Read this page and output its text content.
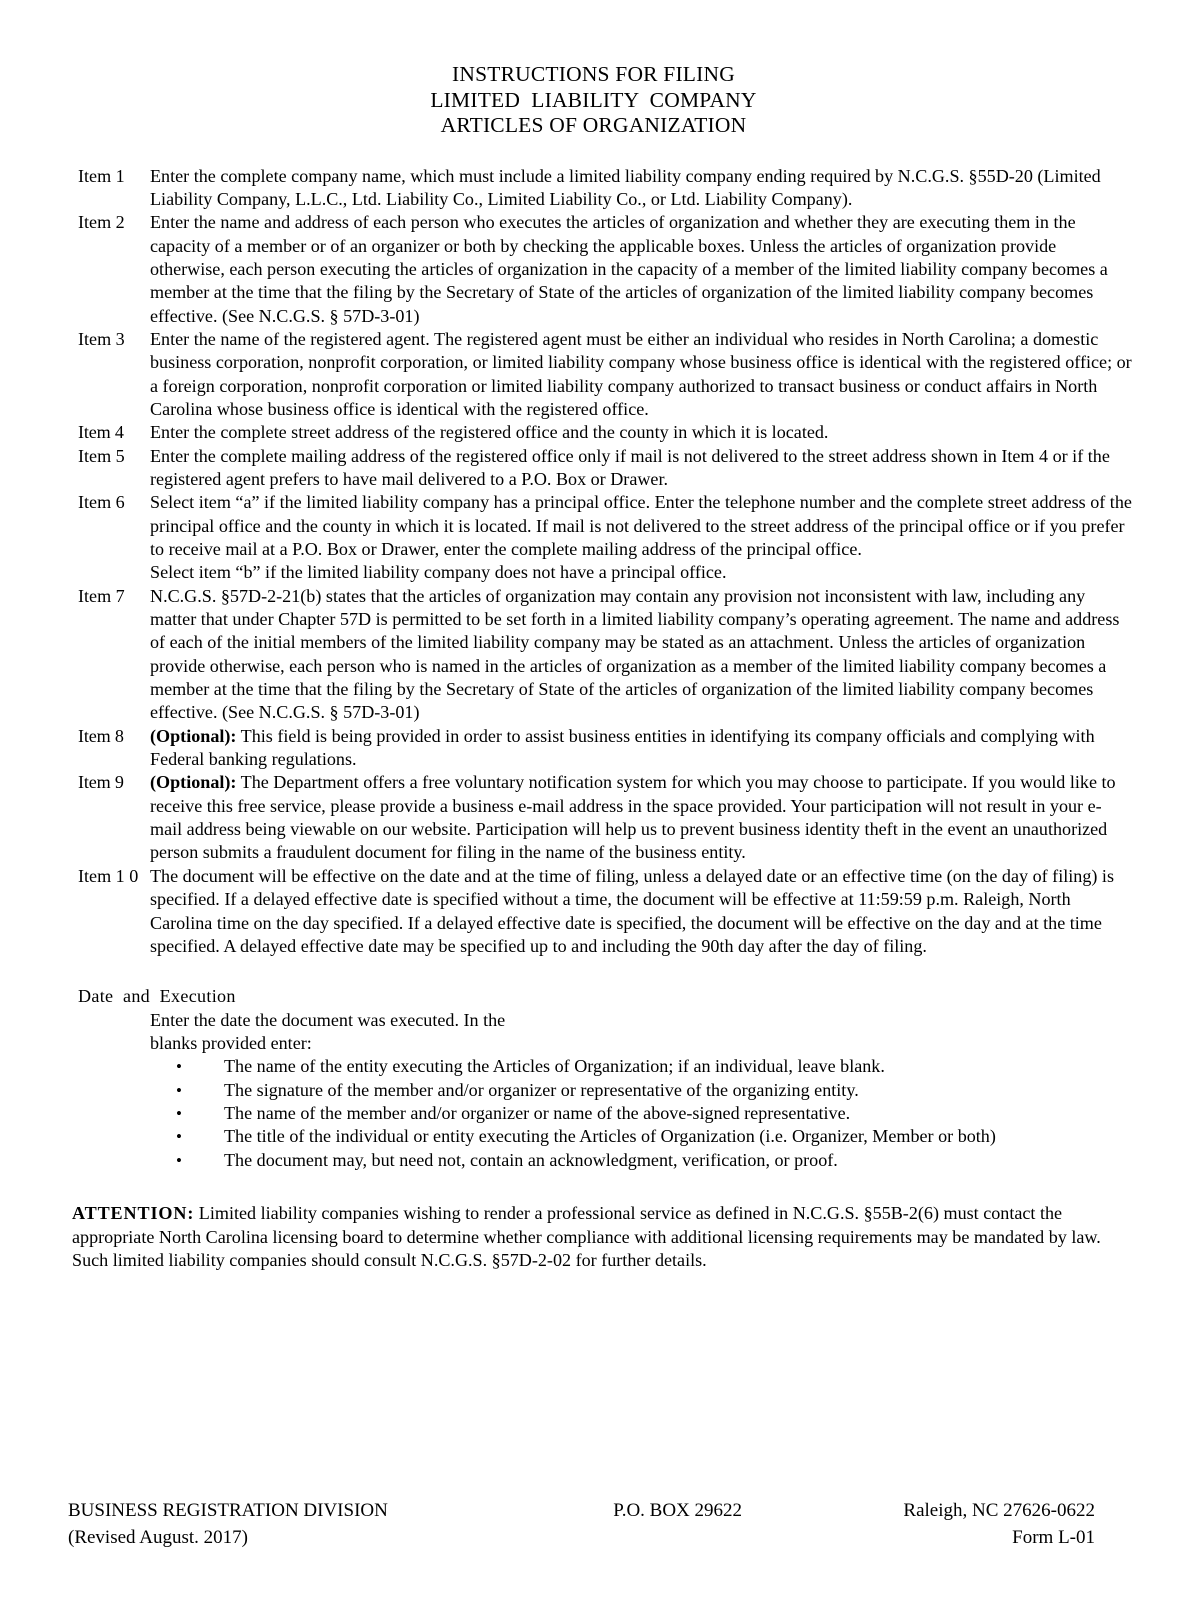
INSTRUCTIONS FOR FILING
LIMITED  LIABILITY  COMPANY
ARTICLES OF ORGANIZATION
Item 1	Enter the complete company name, which must include a limited liability company ending required by N.C.G.S. §55D-20 (Limited Liability Company, L.L.C., Ltd. Liability Co., Limited Liability Co., or Ltd. Liability Company).

Item 2	Enter the name and address of each person who executes the articles of organization and whether they are executing them in the capacity of a member or of an organizer or both by checking the applicable boxes. Unless the articles of organization provide otherwise, each person executing the articles of organization in the capacity of a member of the limited liability company becomes a member at the time that the filing by the Secretary of State of the articles of organization of the limited liability company becomes effective. (See N.C.G.S. § 57D-3-01)

Item 3	Enter the name of the registered agent. The registered agent must be either an individual who resides in North Carolina; a domestic business corporation, nonprofit corporation, or limited liability company whose business office is identical with the registered office; or a foreign corporation, nonprofit corporation or limited liability company authorized to transact business or conduct affairs in North Carolina whose business office is identical with the registered office.

Item 4	Enter the complete street address of the registered office and the county in which it is located.

Item 5	Enter the complete mailing address of the registered office only if mail is not delivered to the street address shown in Item 4 or if the registered agent prefers to have mail delivered to a P.O. Box or Drawer.

Item 6	Select item “a” if the limited liability company has a principal office. Enter the telephone number and the complete street address of the principal office and the county in which it is located. If mail is not delivered to the street address of the principal office or if you prefer to receive mail at a P.O. Box or Drawer, enter the complete mailing address of the principal office.

Select item “b” if the limited liability company does not have a principal office.

Item 7	N.C.G.S. §57D-2-21(b) states that the articles of organization may contain any provision not inconsistent with law, including any matter that under Chapter 57D is permitted to be set forth in a limited liability company’s operating agreement. The name and address of each of the initial members of the limited liability company may be stated as an attachment. Unless the articles of organization provide otherwise, each person who is named in the articles of organization as a member of the limited liability company becomes a member at the time that the filing by the Secretary of State of the articles of organization of the limited liability company becomes effective. (See N.C.G.S. § 57D-3-01)

Item 8	(Optional): This field is being provided in order to assist business entities in identifying its company officials and complying with Federal banking regulations.

Item 9	(Optional): The Department offers a free voluntary notification system for which you may choose to participate. If you would like to receive this free service, please provide a business e-mail address in the space provided. Your participation will not result in your e-mail address being viewable on our website. Participation will help us to prevent business identity theft in the event an unauthorized person submits a fraudulent document for filing in the name of the business entity.

Item 1 0 The document will be effective on the date and at the time of filing, unless a delayed date or an effective time (on the day of filing) is specified. If a delayed effective date is specified without a time, the document will be effective at 11:59:59 p.m. Raleigh, North Carolina time on the day specified. If a delayed effective date is specified, the document will be effective on the day and at the time specified. A delayed effective date may be specified up to and including the 90th day after the day of filing.

Date  and  Execution
Enter the date the document was executed. In the
blanks provided enter:
• The name of the entity executing the Articles of Organization; if an individual, leave blank.
• The signature of the member and/or organizer or representative of the organizing entity.
• The name of the member and/or organizer or name of the above-signed representative.
• The title of the individual or entity executing the Articles of Organization (i.e. Organizer, Member or both)
• The document may, but need not, contain an acknowledgment, verification, or proof.
ATTENTION: Limited liability companies wishing to render a professional service as defined in N.C.G.S. §55B-2(6) must contact the appropriate North Carolina licensing board to determine whether compliance with additional licensing requirements may be mandated by law. Such limited liability companies should consult N.C.G.S. §57D-2-02 for further details.
BUSINESS REGISTRATION DIVISION	P.O. BOX 29622	Raleigh, NC 27626-0622
(Revised August. 2017)	Form L-01
